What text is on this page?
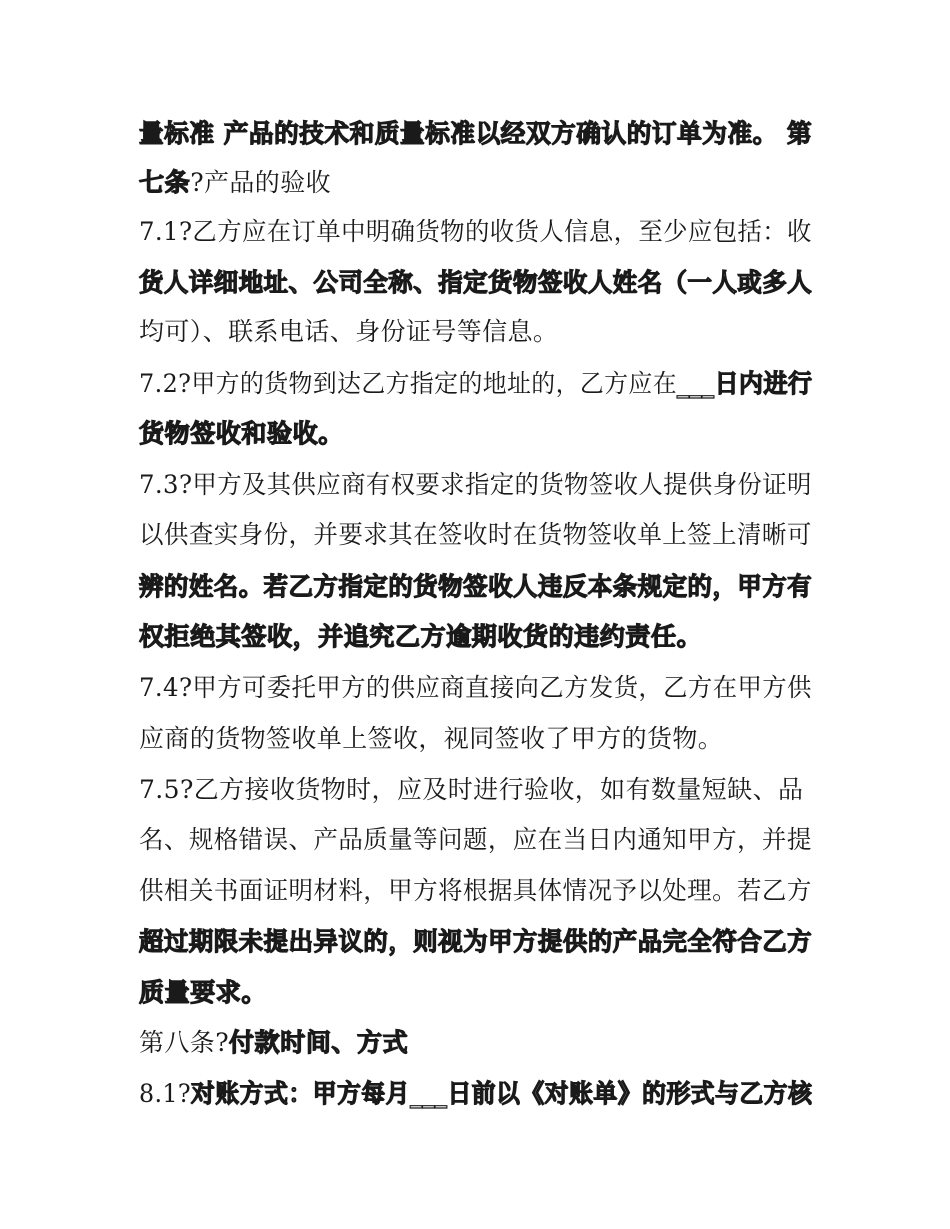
量标准 产品的技术和质量标准以经双方确认的订单为准。 第
七条?产品的验收
7.1?乙方应在订单中明确货物的收货人信息，至少应包括：收
货人详细地址、公司全称、指定货物签收人姓名（一人或多人
均可）、联系电话、身份证号等信息。
7.2?甲方的货物到达乙方指定的地址的，乙方应在___日内进行
货物签收和验收。
7.3?甲方及其供应商有权要求指定的货物签收人提供身份证明
以供查实身份，并要求其在签收时在货物签收单上签上清晰可
辨的姓名。若乙方指定的货物签收人违反本条规定的，甲方有
权拒绝其签收，并追究乙方逾期收货的违约责任。
7.4?甲方可委托甲方的供应商直接向乙方发货，乙方在甲方供
应商的货物签收单上签收，视同签收了甲方的货物。
7.5?乙方接收货物时，应及时进行验收，如有数量短缺、品
名、规格错误、产品质量等问题，应在当日内通知甲方，并提
供相关书面证明材料，甲方将根据具体情况予以处理。若乙方
超过期限未提出异议的，则视为甲方提供的产品完全符合乙方
质量要求。
第八条?付款时间、方式
8.1?对账方式：甲方每月___日前以《对账单》的形式与乙方核
